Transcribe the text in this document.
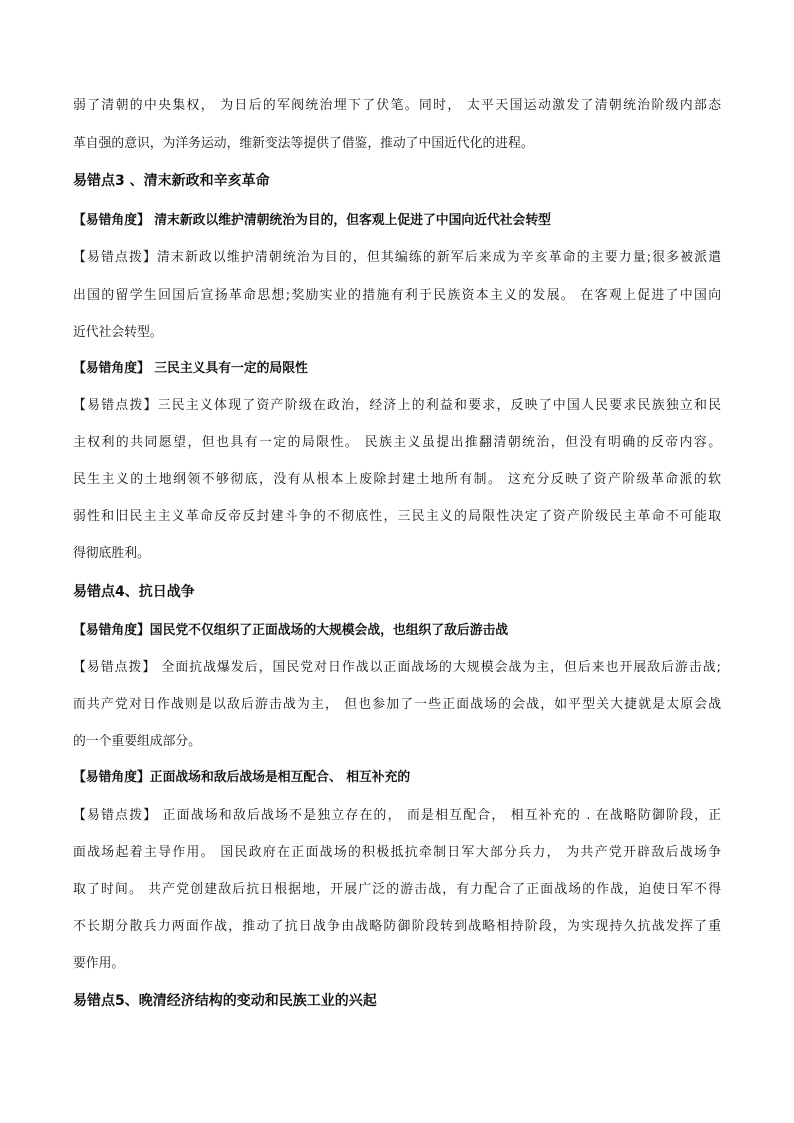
弱了清朝的中央集权， 为日后的军阀统治埋下了伏笔。同时， 太平天国运动激发了清朝统治阶级内部态
革自强的意识，为洋务运动，维新变法等提供了借鉴，推动了中国近代化的进程。
易错点3 、清末新政和辛亥革命
【易错角度】 清末新政以维护清朝统治为目的，但客观上促进了中国向近代社会转型
【易错点拨】清末新政以维护清朝统治为目的，但其编练的新军后来成为辛亥革命的主要力量;很多被派遣
出国的留学生回国后宣扬革命思想;奖励实业的措施有利于民族资本主义的发展。 在客观上促进了中国向
近代社会转型。
【易错角度】 三民主义具有一定的局限性
【易错点拨】三民主义体现了资产阶级在政治，经济上的利益和要求，反映了中国人民要求民族独立和民
主权利的共同愿望，但也具有一定的局限性。 民族主义虽提出推翻清朝统治，但没有明确的反帝内容。
民生主义的土地纲领不够彻底，没有从根本上废除封建土地所有制。 这充分反映了资产阶级革命派的软
弱性和旧民主主义革命反帝反封建斗争的不彻底性，三民主义的局限性决定了资产阶级民主革命不可能取
得彻底胜利。
易错点4、抗日战争
【易错角度】国民党不仅组织了正面战场的大规模会战，也组织了敌后游击战
【易错点拨】 全面抗战爆发后，国民党对日作战以正面战场的大规模会战为主，但后来也开展敌后游击战;
而共产党对日作战则是以敌后游击战为主， 但也参加了一些正面战场的会战，如平型关大捷就是太原会战
的一个重要组成部分。
【易错角度】正面战场和敌后战场是相互配合、 相互补充的
【易错点拨】 正面战场和敌后战场不是独立存在的， 而是相互配合， 相互补充的 . 在战略防御阶段，正
面战场起着主导作用。 国民政府在正面战场的积极抵抗牵制日军大部分兵力， 为共产党开辟敌后战场争
取了时间。 共产党创建敌后抗日根据地，开展广泛的游击战，有力配合了正面战场的作战，迫使日军不得
不长期分散兵力两面作战，推动了抗日战争由战略防御阶段转到战略相持阶段，为实现持久抗战发挥了重
要作用。
易错点5、晚清经济结构的变动和民族工业的兴起
